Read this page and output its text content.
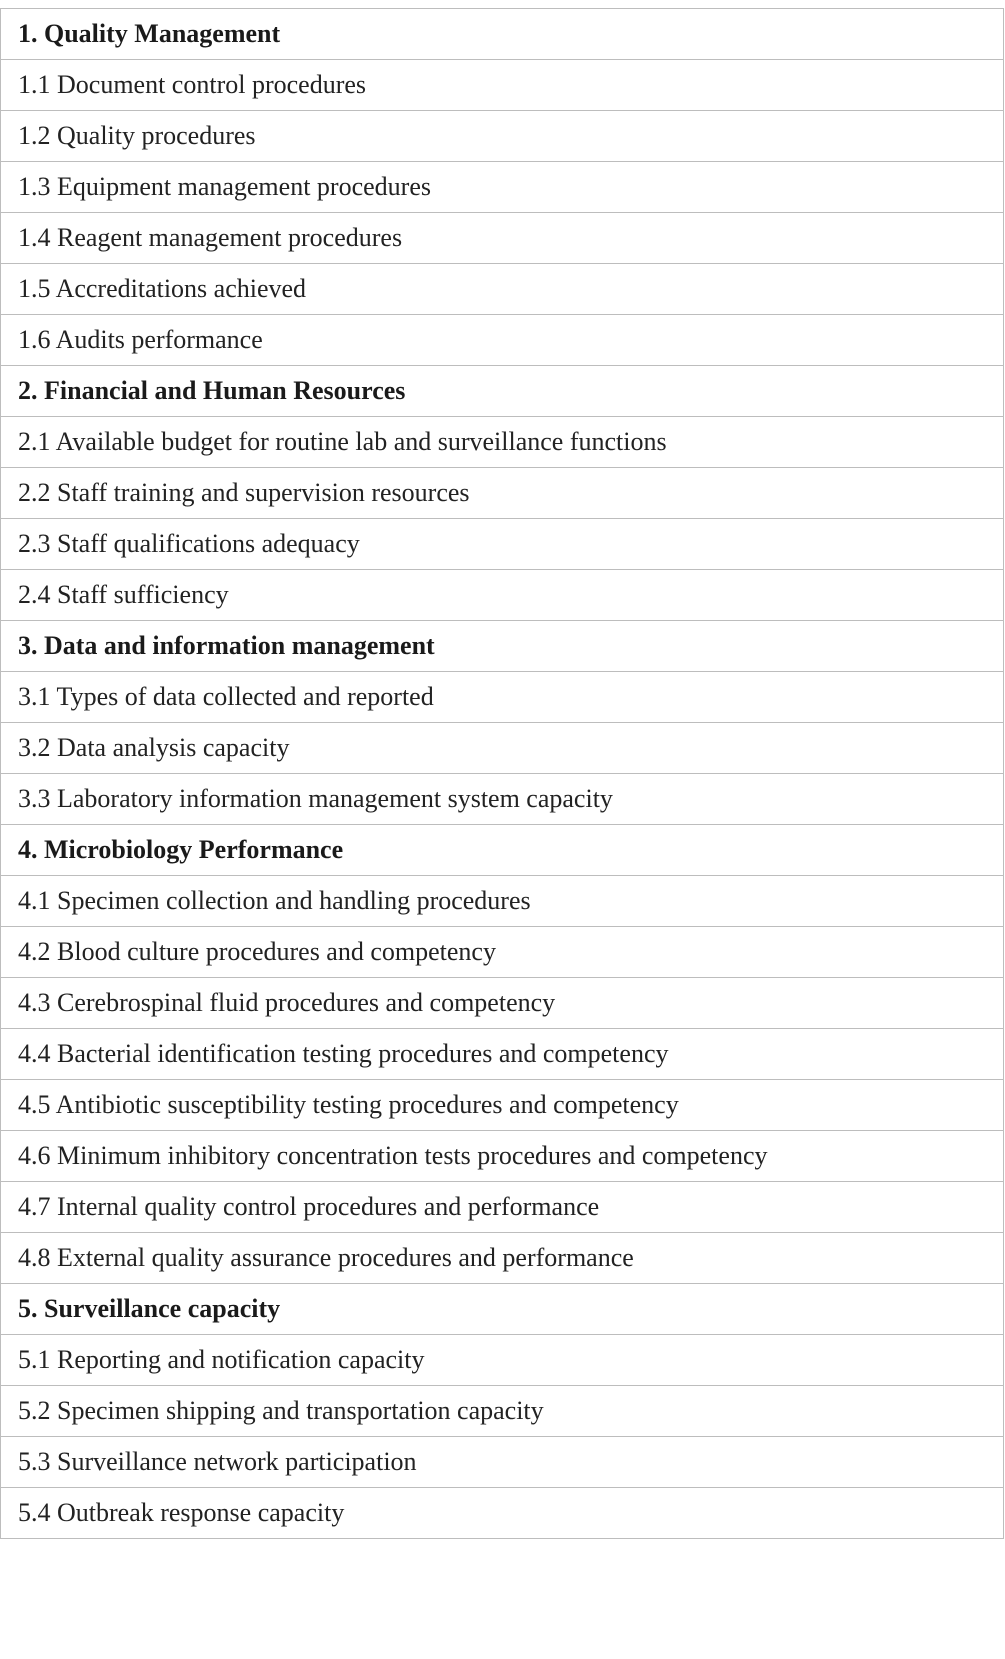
1. Quality Management
1.1 Document control procedures
1.2 Quality procedures
1.3 Equipment management procedures
1.4 Reagent management procedures
1.5 Accreditations achieved
1.6 Audits performance
2. Financial and Human Resources
2.1 Available budget for routine lab and surveillance functions
2.2 Staff training and supervision resources
2.3 Staff qualifications adequacy
2.4 Staff sufficiency
3. Data and information management
3.1 Types of data collected and reported
3.2 Data analysis capacity
3.3 Laboratory information management system capacity
4. Microbiology Performance
4.1 Specimen collection and handling procedures
4.2 Blood culture procedures and competency
4.3 Cerebrospinal fluid procedures and competency
4.4 Bacterial identification testing procedures and competency
4.5 Antibiotic susceptibility testing procedures and competency
4.6 Minimum inhibitory concentration tests procedures and competency
4.7 Internal quality control procedures and performance
4.8 External quality assurance procedures and performance
5. Surveillance capacity
5.1 Reporting and notification capacity
5.2 Specimen shipping and transportation capacity
5.3 Surveillance network participation
5.4 Outbreak response capacity
